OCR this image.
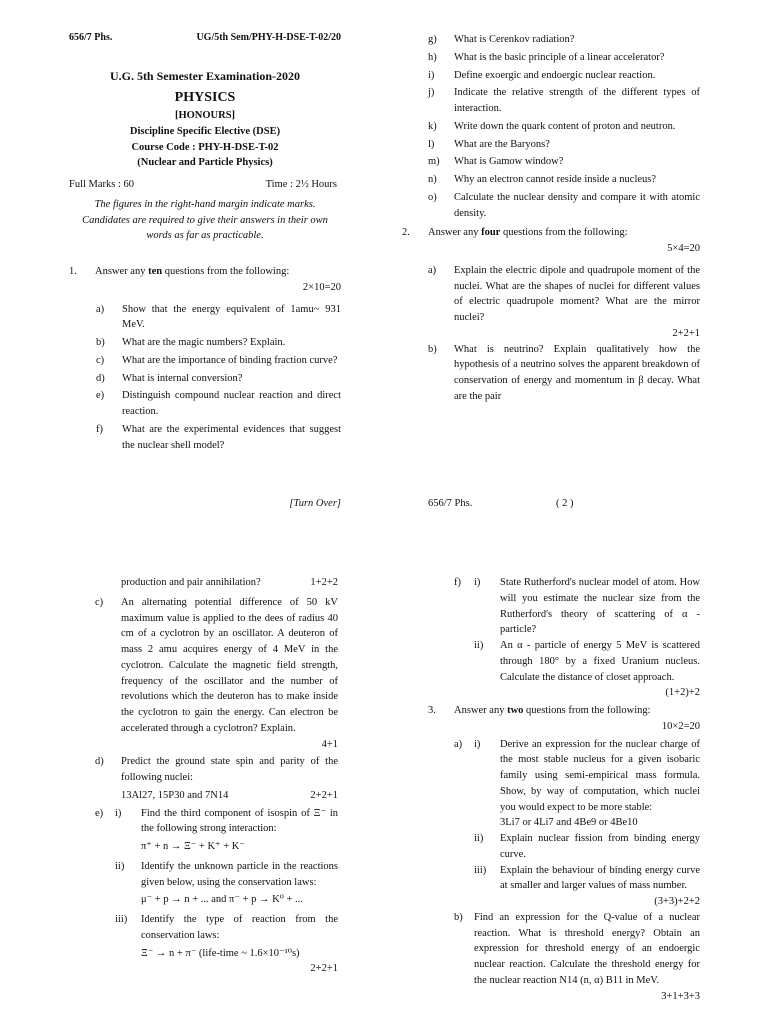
656/7 Phs.	UG/5th Sem/PHY-H-DSE-T-02/20
U.G. 5th Semester Examination-2020
PHYSICS
[HONOURS]
Discipline Specific Elective (DSE)
Course Code : PHY-H-DSE-T-02
(Nuclear and Particle Physics)
Full Marks : 60	Time : 2½ Hours
The figures in the right-hand margin indicate marks. Candidates are required to give their answers in their own words as far as practicable.
1.	Answer any ten questions from the following:
2×10=20
a)	Show that the energy equivalent of 1amu~ 931 MeV.
b)	What are the magic numbers? Explain.
c)	What are the importance of binding fraction curve?
d)	What is internal conversion?
e)	Distinguish compound nuclear reaction and direct reaction.
f)	What are the experimental evidences that suggest the nuclear shell model?
[Turn Over]
g)	What is Cerenkov radiation?
h)	What is the basic principle of a linear accelerator?
i)	Define exoergic and endoergic nuclear reaction.
j)	Indicate the relative strength of the different types of interaction.
k)	Write down the quark content of proton and neutron.
l)	What are the Baryons?
m)	What is Gamow window?
n)	Why an electron cannot reside inside a nucleus?
o)	Calculate the nuclear density and compare it with atomic density.
2.	Answer any four questions from the following:
5×4=20
a)	Explain the electric dipole and quadrupole moment of the nuclei. What are the shapes of nuclei for different values of electric quadrupole moment? What are the mirror nuclei?
2+2+1
b)	What is neutrino? Explain qualitatively how the hypothesis of a neutrino solves the apparent breakdown of conservation of energy and momentum in β decay. What are the pair
656/7 Phs.	( 2 )
production and pair annihilation?	1+2+2
c)	An alternating potential difference of 50 kV maximum value is applied to the dees of radius 40 cm of a cyclotron by an oscillator. A deuteron of mass 2 amu acquires energy of 4 MeV in the cyclotron. Calculate the magnetic field strength, frequency of the oscillator and the number of revolutions which the deuteron has to make inside the cyclotron to gain the energy. Can electron be accelerated through a cyclotron? Explain.
4+1
d)	Predict the ground state spin and parity of the following nuclei:
13Al27, 15P30 and 7N14	2+2+1
e)	i)	Find the third component of isospin of Ξ⁻ in the following strong interaction:
π⁺ + n → Ξ⁻ + K⁺ + K⁻
ii)	Identify the unknown particle in the reactions given below, using the conservation laws:
μ⁻ + p → n + ... and π⁻ + p → K⁰ + ...
iii)	Identify the type of reaction from the conservation laws:
Ξ⁻ → n + π⁻ (life-time ~ 1.6×10⁻¹⁰s)
2+2+1
f)	i)	State Rutherford's nuclear model of atom. How will you estimate the nuclear size from the Rutherford's theory of scattering of α - particle?
ii)	An α - particle of energy 5 MeV is scattered through 180° by a fixed Uranium nucleus. Calculate the distance of closet approach.
(1+2)+2
3.	Answer any two questions from the following:
10×2=20
a)	i)	Derive an expression for the nuclear charge of the most stable nucleus for a given isobaric family using semi-empirical mass formula. Show, by way of computation, which nuclei you would expect to be more stable:
3Li7 or 4Li7 and 4Be9 or 4Be10
ii)	Explain nuclear fission from binding energy curve.
iii)	Explain the behaviour of binding energy curve at smaller and larger values of mass number.
(3+3)+2+2
b)	Find an expression for the Q-value of a nuclear reaction. What is threshold energy? Obtain an expression for threshold energy of an endoergic nuclear reaction. Calculate the threshold energy for the nuclear reaction N14 (n, α) B11 in MeV.
3+1+3+3
